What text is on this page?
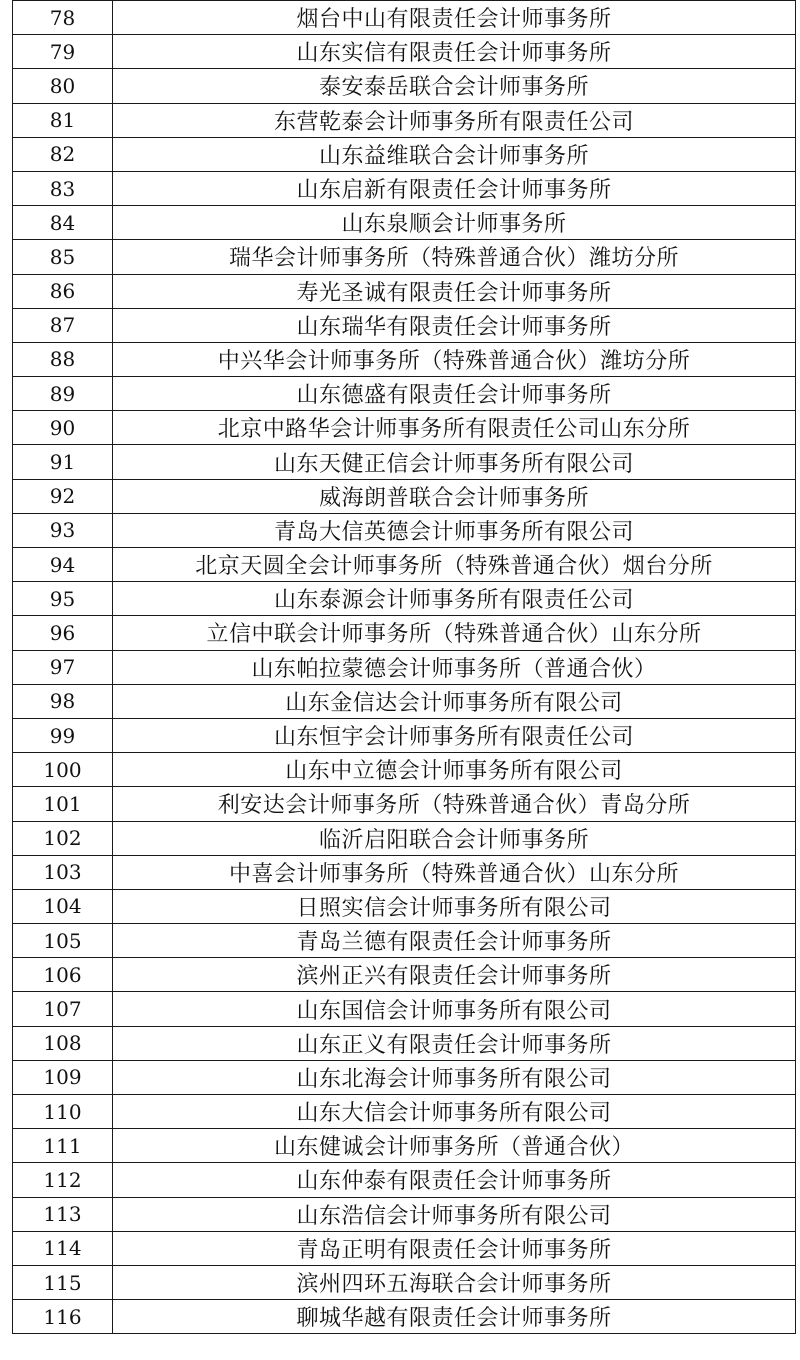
78	烟台中山有限责任会计师事务所
79	山东实信有限责任会计师事务所
80	泰安泰岳联合会计师事务所
81	东营乾泰会计师事务所有限责任公司
82	山东益维联合会计师事务所
83	山东启新有限责任会计师事务所
84	山东泉顺会计师事务所
85	瑞华会计师事务所（特殊普通合伙）潍坊分所
86	寿光圣诚有限责任会计师事务所
87	山东瑞华有限责任会计师事务所
88	中兴华会计师事务所（特殊普通合伙）潍坊分所
89	山东德盛有限责任会计师事务所
90	北京中路华会计师事务所有限责任公司山东分所
91	山东天健正信会计师事务所有限公司
92	威海朗普联合会计师事务所
93	青岛大信英德会计师事务所有限公司
94	北京天圆全会计师事务所（特殊普通合伙）烟台分所
95	山东泰源会计师事务所有限责任公司
96	立信中联会计师事务所（特殊普通合伙）山东分所
97	山东帕拉蒙德会计师事务所（普通合伙）
98	山东金信达会计师事务所有限公司
99	山东恒宇会计师事务所有限责任公司
100	山东中立德会计师事务所有限公司
101	利安达会计师事务所（特殊普通合伙）青岛分所
102	临沂启阳联合会计师事务所
103	中喜会计师事务所（特殊普通合伙）山东分所
104	日照实信会计师事务所有限公司
105	青岛兰德有限责任会计师事务所
106	滨州正兴有限责任会计师事务所
107	山东国信会计师事务所有限公司
108	山东正义有限责任会计师事务所
109	山东北海会计师事务所有限公司
110	山东大信会计师事务所有限公司
111	山东健诚会计师事务所（普通合伙）
112	山东仲泰有限责任会计师事务所
113	山东浩信会计师事务所有限公司
114	青岛正明有限责任会计师事务所
115	滨州四环五海联合会计师事务所
116	聊城华越有限责任会计师事务所
